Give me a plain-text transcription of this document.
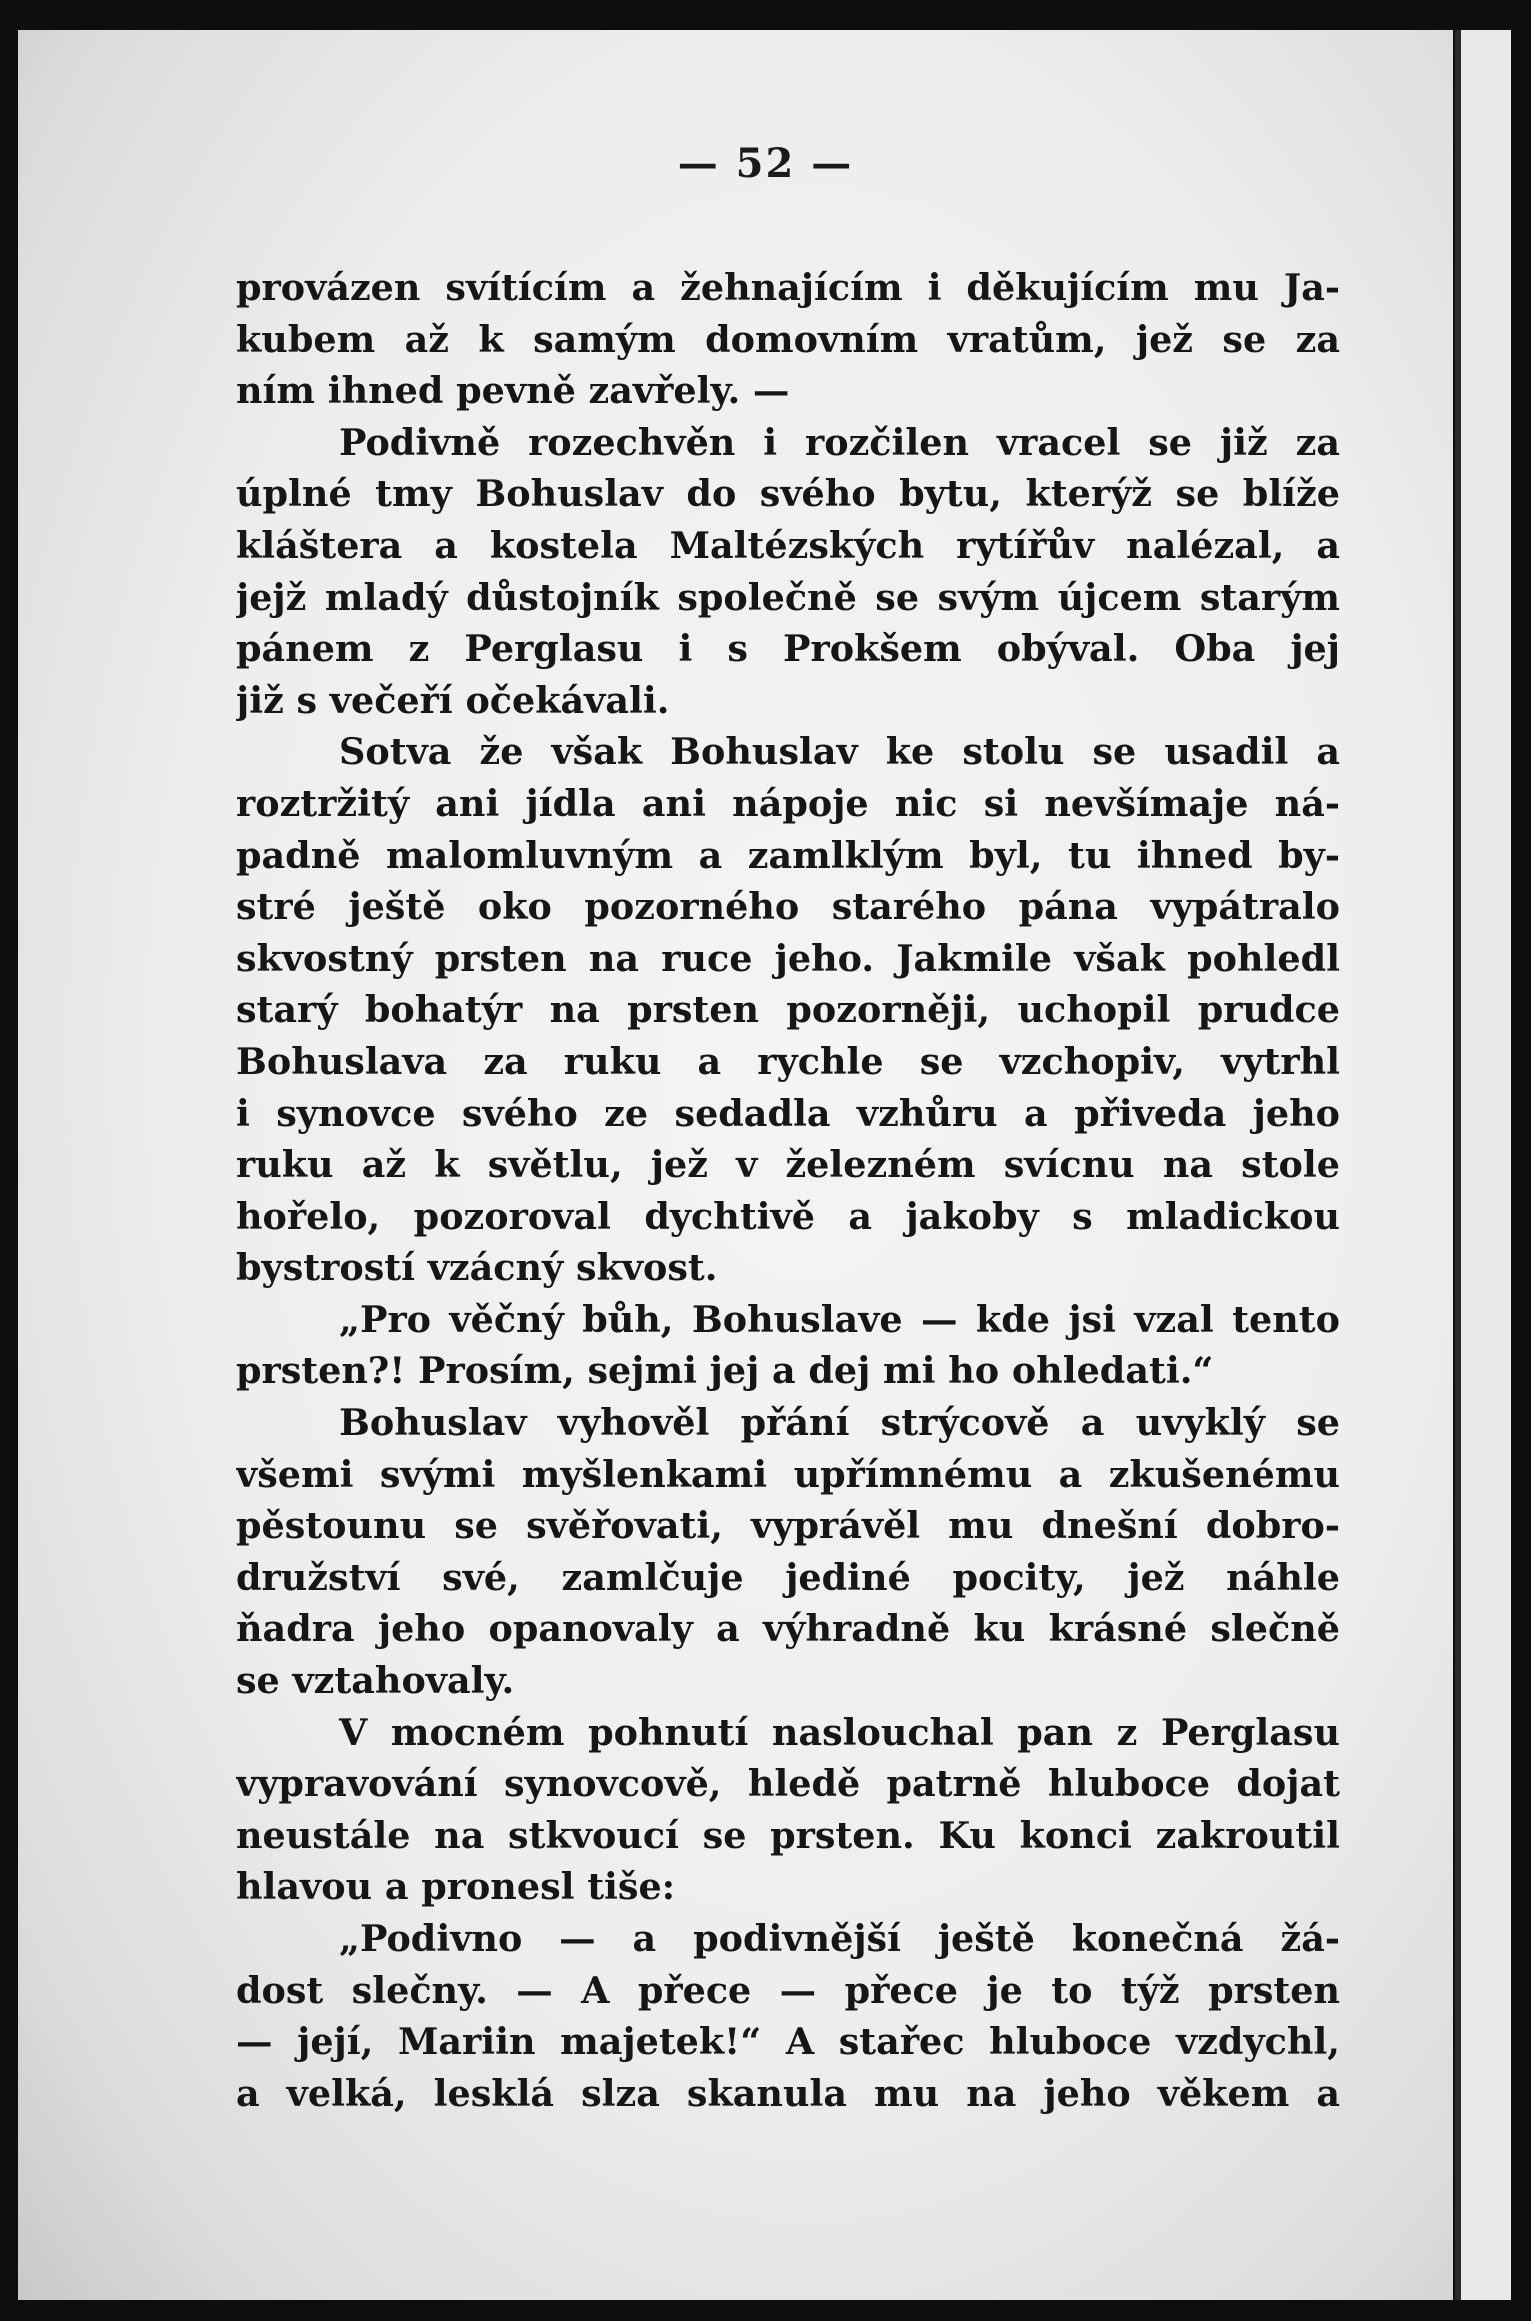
— 52 —
provázen svítícím a žehnajícím i děkujícím mu Ja-
kubem až k samým domovním vratům, jež se za
ním ihned pevně zavřely. —
Podivně rozechvěn i rozčilen vracel se již za
úplné tmy Bohuslav do svého bytu, kterýž se blíže
kláštera a kostela Maltézských rytířův nalézal, a
jejž mladý důstojník společně se svým újcem starým
pánem z Perglasu i s Prokšem obýval. Oba jej
již s večeří očekávali.
Sotva že však Bohuslav ke stolu se usadil a
roztržitý ani jídla ani nápoje nic si nevšímaje ná-
padně malomluvným a zamlklým byl, tu ihned by-
stré ještě oko pozorného starého pána vypátralo
skvostný prsten na ruce jeho. Jakmile však pohledl
starý bohatýr na prsten pozorněji, uchopil prudce
Bohuslava za ruku a rychle se vzchopiv, vytrhl
i synovce svého ze sedadla vzhůru a přiveda jeho
ruku až k světlu, jež v železném svícnu na stole
hořelo, pozoroval dychtivě a jakoby s mladickou
bystrostí vzácný skvost.
„Pro věčný bůh, Bohuslave — kde jsi vzal tento
prsten?! Prosím, sejmi jej a dej mi ho ohledati.“
Bohuslav vyhověl přání strýcově a uvyklý se
všemi svými myšlenkami upřímnému a zkušenému
pěstounu se svěřovati, vyprávěl mu dnešní dobro-
družství své, zamlčuje jediné pocity, jež náhle
ňadra jeho opanovaly a výhradně ku krásné slečně
se vztahovaly.
V mocném pohnutí naslouchal pan z Perglasu
vypravování synovcově, hledě patrně hluboce dojat
neustále na stkvoucí se prsten. Ku konci zakroutil
hlavou a pronesl tiše:
„Podivno — a podivnější ještě konečná žá-
dost slečny. — A přece — přece je to týž prsten
— její, Mariin majetek!“ A stařec hluboce vzdychl,
a velká, lesklá slza skanula mu na jeho věkem a
